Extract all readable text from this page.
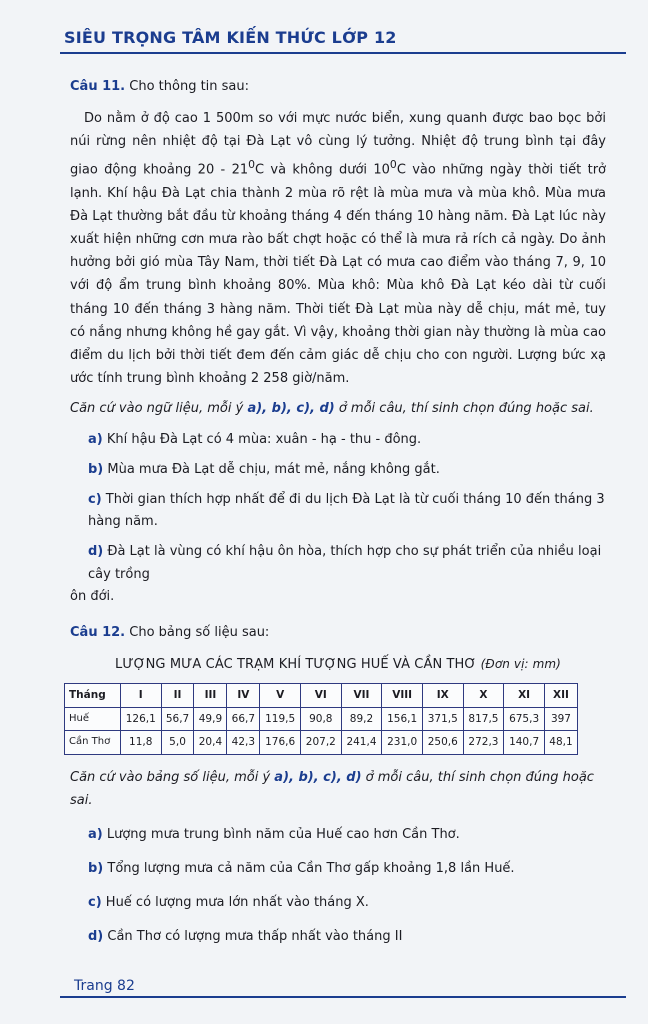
SIÊU TRỌNG TÂM KIẾN THỨC LỚP 12

Câu 11. Cho thông tin sau:

Do nằm ở độ cao 1 500m so với mực nước biển, xung quanh được bao bọc bởi núi rừng nên nhiệt độ tại Đà Lạt vô cùng lý tưởng. Nhiệt độ trung bình tại đây giao động khoảng $20 - 21^0C$ và không dưới $10^0C$ vào những ngày thời tiết trở lạnh. Khí hậu Đà Lạt chia thành 2 mùa rõ rệt là mùa mưa và mùa khô. Mùa mưa Đà Lạt thường bắt đầu từ khoảng tháng 4 đến tháng 10 hàng năm. Đà Lạt lúc này xuất hiện những cơn mưa rào bất chợt hoặc có thể là mưa rả rích cả ngày. Do ảnh hưởng bởi gió mùa Tây Nam, thời tiết Đà Lạt có mưa cao điểm vào tháng 7, 9, 10 với độ ẩm trung bình khoảng 80%. Mùa khô: Mùa khô Đà Lạt kéo dài từ cuối tháng 10 đến tháng 3 hàng năm. Thời tiết Đà Lạt mùa này dễ chịu, mát mẻ, tuy có nắng nhưng không hề gay gắt. Vì vậy, khoảng thời gian này thường là mùa cao điểm du lịch bởi thời tiết đem đến cảm giác dễ chịu cho con người. Lượng bức xạ ước tính trung bình khoảng 2 258 giờ/năm.

Căn cứ vào ngữ liệu, mỗi ý a), b), c), d) ở mỗi câu, thí sinh chọn đúng hoặc sai.

a) Khí hậu Đà Lạt có 4 mùa: xuân - hạ - thu - đông.

b) Mùa mưa Đà Lạt dễ chịu, mát mẻ, nắng không gắt.

c) Thời gian thích hợp nhất để đi du lịch Đà Lạt là từ cuối tháng 10 đến tháng 3 hàng năm.

d) Đà Lạt là vùng có khí hậu ôn hòa, thích hợp cho sự phát triển của nhiều loại cây trồng
ôn đới.

Câu 12. Cho bảng số liệu sau:

LƯỢNG MƯA CÁC TRẠM KHÍ TƯỢNG HUẾ VÀ CẦN THƠ (Đơn vị: mm)

Tháng	I	II	III	IV	V	VI	VII	VIII	IX	X	XI	XII
Huế	126,1	56,7	49,9	66,7	119,5	90,8	89,2	156,1	371,5	817,5	675,3	397
Cần Thơ	11,8	5,0	20,4	42,3	176,6	207,2	241,4	231,0	250,6	272,3	140,7	48,1

Căn cứ vào bảng số liệu, mỗi ý a), b), c), d) ở mỗi câu, thí sinh chọn đúng hoặc sai.

a) Lượng mưa trung bình năm của Huế cao hơn Cần Thơ.

b) Tổng lượng mưa cả năm của Cần Thơ gấp khoảng 1,8 lần Huế.

c) Huế có lượng mưa lớn nhất vào tháng X.

d) Cần Thơ có lượng mưa thấp nhất vào tháng II

Trang 82
